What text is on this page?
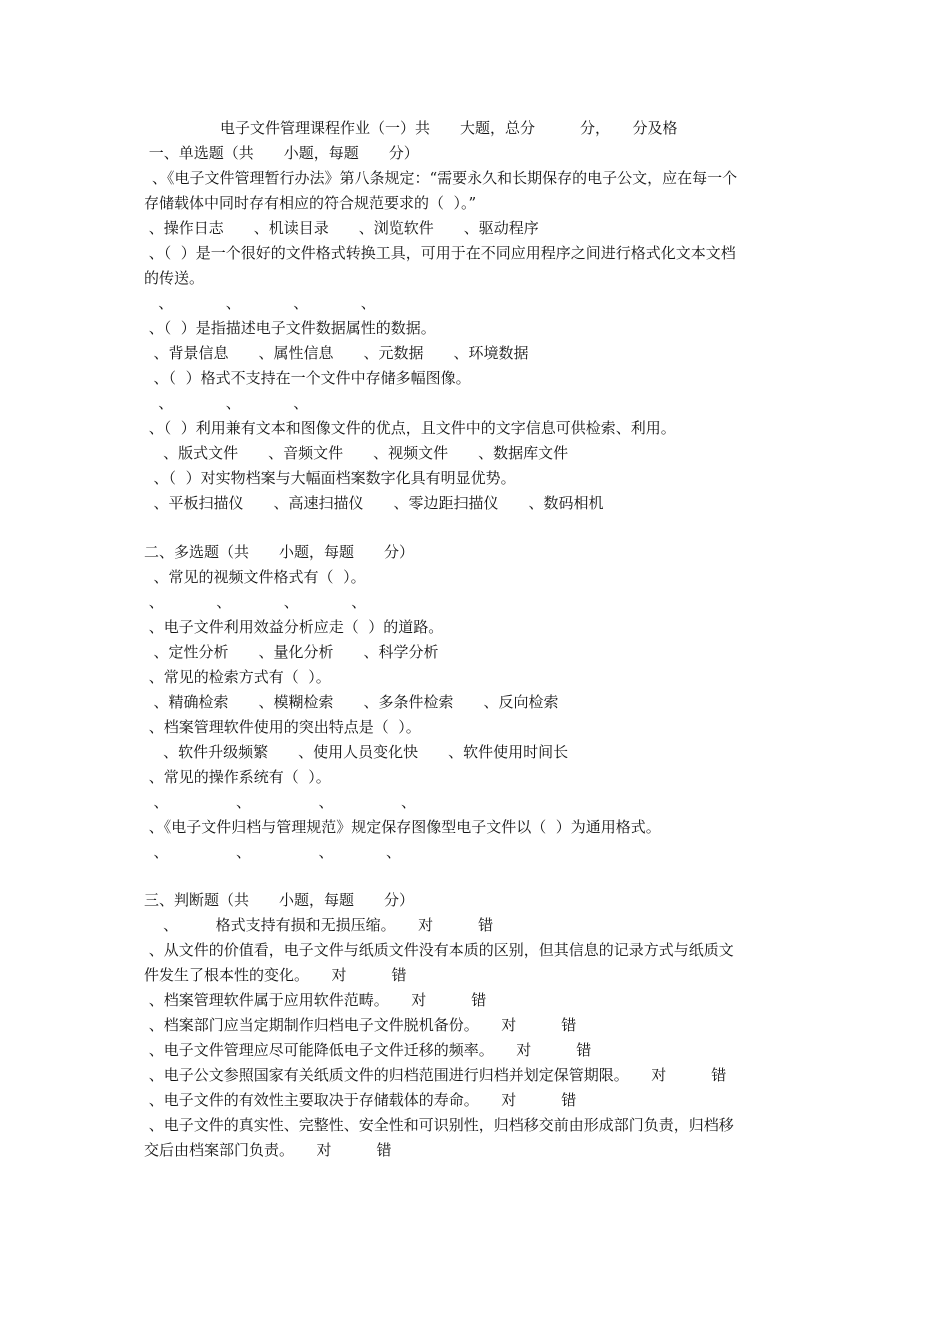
电子文件管理课程作业（一）共　　大题，总分　　　分，　　分及格
一、单选题（共　　小题，每题　　分）
、《电子文件管理暂行办法》第八条规定：“需要永久和长期保存的电子公文，应在每一个
存储载体中同时存有相应的符合规范要求的（  ）。”
、操作日志　　、机读目录　　、浏览软件　　、驱动程序
、（  ）是一个很好的文件格式转换工具，可用于在不同应用程序之间进行格式化文本文档
的传送。
、　　　　、　　　　、　　　　、
、（  ）是指描述电子文件数据属性的数据。
、背景信息　　、属性信息　　、元数据　　、环境数据
、（  ）格式不支持在一个文件中存储多幅图像。
、　　　　、　　　　、
、（  ）利用兼有文本和图像文件的优点，且文件中的文字信息可供检索、利用。
、版式文件　　、音频文件　　、视频文件　　、数据库文件
、（  ）对实物档案与大幅面档案数字化具有明显优势。
、平板扫描仪　　、高速扫描仪　　、零边距扫描仪　　、数码相机
二、多选题（共　　小题，每题　　分）
、常见的视频文件格式有（  ）。
、　　　　、　　　　、　　　　、
、电子文件利用效益分析应走（  ）的道路。
、定性分析　　、量化分析　　、科学分析
、常见的检索方式有（  ）。
、精确检索　　、模糊检索　　、多条件检索　　、反向检索
、档案管理软件使用的突出特点是（  ）。
、软件升级频繁　　、使用人员变化快　　、软件使用时间长
、常见的操作系统有（  ）。
、　　　　　、　　　　　、　　　　　、
、《电子文件归档与管理规范》规定保存图像型电子文件以（  ）为通用格式。
、　　　　　、　　　　　、　　　　、
三、判断题（共　　小题，每题　　分）
、　　　格式支持有损和无损压缩。　　对　　　错
、从文件的价值看，电子文件与纸质文件没有本质的区别，但其信息的记录方式与纸质文
件发生了根本性的变化。　　对　　　错
、档案管理软件属于应用软件范畴。　　对　　　错
、档案部门应当定期制作归档电子文件脱机备份。　　对　　　错
、电子文件管理应尽可能降低电子文件迁移的频率。　　对　　　错
、电子公文参照国家有关纸质文件的归档范围进行归档并划定保管期限。　　对　　　错
、电子文件的有效性主要取决于存储载体的寿命。　　对　　　错
、电子文件的真实性、完整性、安全性和可识别性，归档移交前由形成部门负责，归档移
交后由档案部门负责。　　对　　　错
